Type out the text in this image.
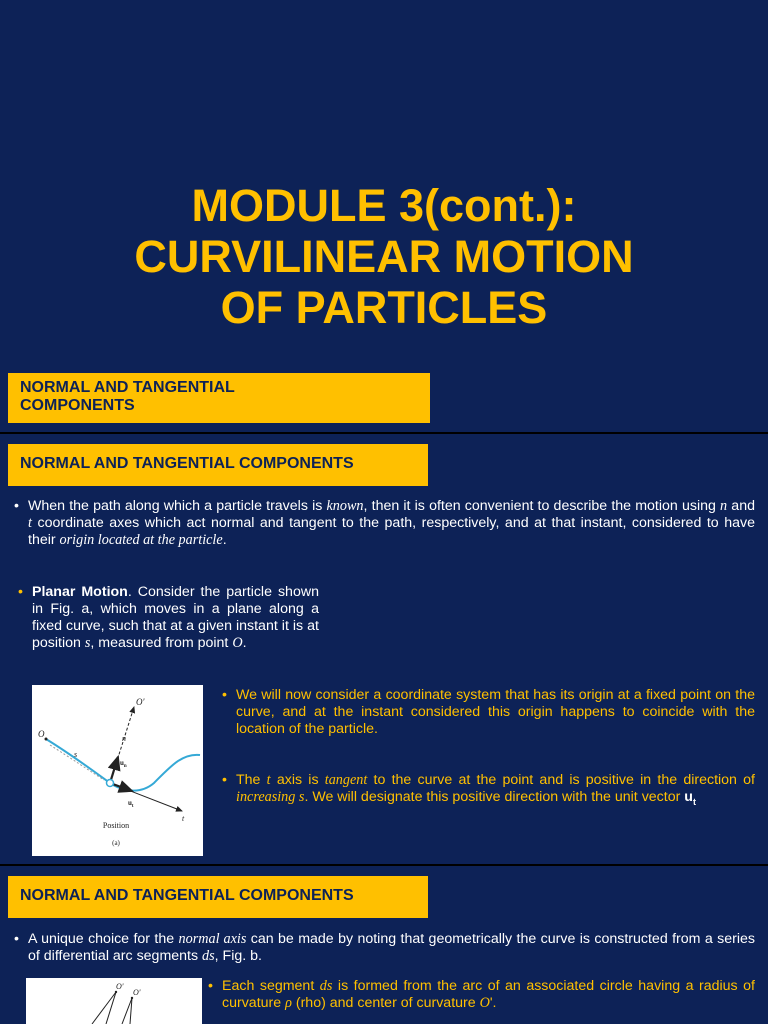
MODULE 3(cont.):
CURVILINEAR MOTION
OF PARTICLES
NORMAL AND TANGENTIAL
COMPONENTS
NORMAL AND TANGENTIAL COMPONENTS
• When the path along which a particle travels is known, then it is often convenient to describe the motion using n and t coordinate axes which act normal and tangent to the path, respectively, and at that instant, considered to have their origin located at the particle.
• Planar Motion. Consider the particle shown in Fig. a, which moves in a plane along a fixed curve, such that at a given instant it is at position s, measured from point O.
O'
O	n
s
$u_n$
$u_t$
t
Position
(a)
• We will now consider a coordinate system that has its origin at a fixed point on the curve, and at the instant considered this origin happens to coincide with the location of the particle.
• The t axis is tangent to the curve at the point and is positive in the direction of increasing s. We will designate this positive direction with the unit vector $u_t$
NORMAL AND TANGENTIAL COMPONENTS
• A unique choice for the normal axis can be made by noting that geometrically the curve is constructed from a series of differential arc segments ds, Fig. b.
O'
O'	• Each segment ds is formed from the arc of an associated circle having a radius of curvature ρ (rho) and center of curvature O'.
